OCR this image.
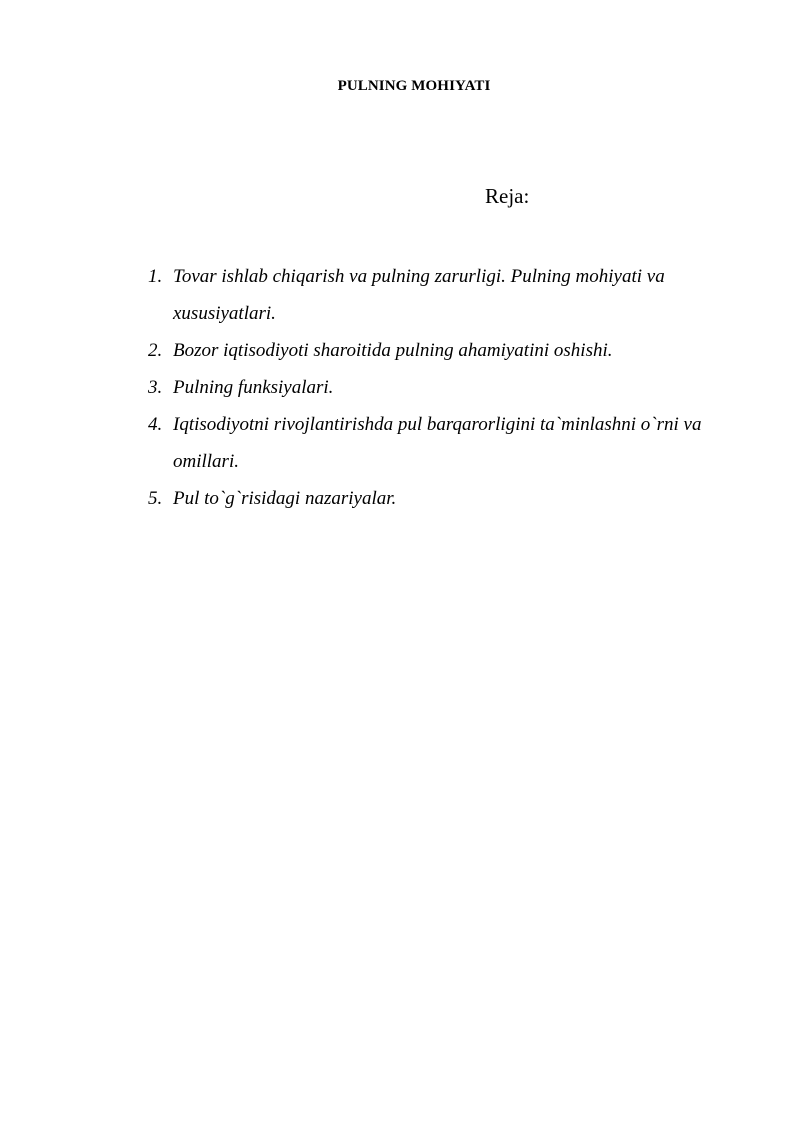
PULNING MOHIYATI
Reja:
1. Tovar ishlab chiqarish va pulning zarurligi. Pulning mohiyati va xususiyatlari.
2. Bozor iqtisodiyoti sharoitida pulning ahamiyatini oshishi.
3. Pulning funksiyalari.
4. Iqtisodiyotni rivojlantirishda pul barqarorligini ta`minlashni o`rni va omillari.
5. Pul to`g`risidagi nazariyalar.
